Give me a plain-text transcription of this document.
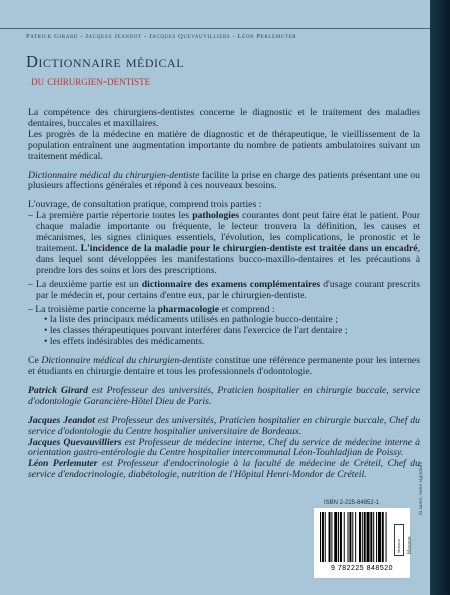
Patrick Girard - Jacques Jeandot - Jacques Quevauvilliers - Léon Perlemuter
Dictionnaire médical
du chirurgien-dentiste

La compétence des chirurgiens-dentistes concerne le diagnostic et le traitement des maladies dentaires, buccales et maxillaires.

Les progrès de la médecine en matière de diagnostic et de thérapeutique, le vieillissement de la population entraînent une augmentation importante du nombre de patients ambulatoires suivant un traitement médical.

Dictionnaire médical du chirurgien-dentiste facilite la prise en charge des patients présentant une ou plusieurs affections générales et répond à ces nouveaux besoins.

L'ouvrage, de consultation pratique, comprend trois parties :

– La première partie répertorie toutes les pathologies courantes dont peut faire état le patient. Pour chaque maladie importante ou fréquente, le lecteur trouvera la définition, les causes et mécanismes, les signes cliniques essentiels, l'évolution, les complications, le pronostic et le traitement. L'incidence de la maladie pour le chirurgien-dentiste est traitée dans un encadré, dans lequel sont développées les manifestations bucco-maxillo-dentaires et les précautions à prendre lors des soins et lors des prescriptions.
– La deuxième partie est un dictionnaire des examens complémentaires d'usage courant prescrits par le médecin et, pour certains d'entre eux, par le chirurgien-dentiste.
– La troisième partie concerne la pharmacologie et comprend :
• la liste des principaux médicaments utilisés en pathologie bucco-dentaire ;
• les classes thérapeutiques pouvant interférer dans l'exercice de l'art dentaire ;
• les effets indésirables des médicaments.

Ce Dictionnaire médical du chirurgien-dentiste constitue une référence permanente pour les internes et étudiants en chirurgie dentaire et tous les professionnels d'odontologie.

Patrick Girard est Professeur des universités, Praticien hospitalier en chirurgie buccale, service d'odontologie Garancière-Hôtel Dieu de Paris.

Jacques Jeandot est Professeur des universités, Praticien hospitalier en chirurgie buccale, Chef du service d'odontologie du Centre hospitalier universitaire de Bordeaux.

Jacques Quevauvilliers est Professeur de médecine interne, Chef du service de médecine interne à orientation gastro-entérologie du Centre hospitalier intercommunal Léon-Touhladjian de Poissy.

Léon Perlemuter est Professeur d'endocrinologie à la faculté de médecine de Créteil, Chef du service d'endocrinologie, diabétologie, nutrition de l'Hôpital Henri-Mondor de Créteil.

ISBN 2-225-84852-1
9 782225 848520
Masson Masson
la santé, notre signature
